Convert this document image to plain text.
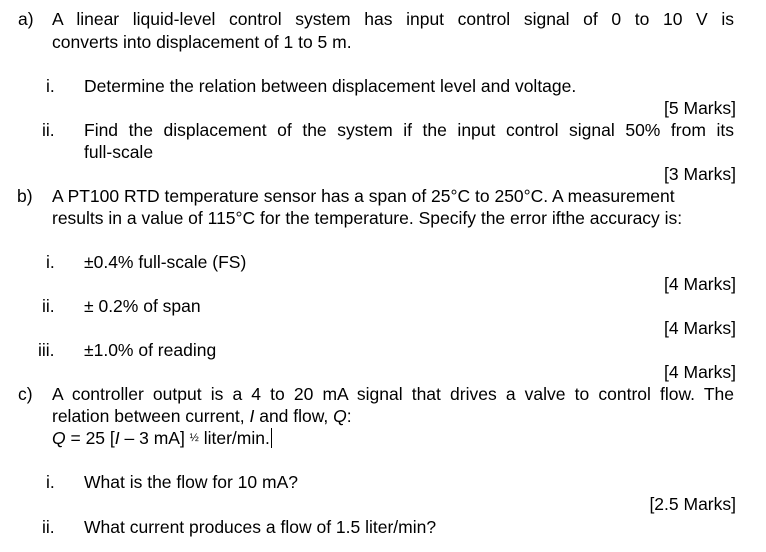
a) A linear liquid-level control system has input control signal of 0 to 10 V is
converts into displacement of 1 to 5 m.
i. Determine the relation between displacement level and voltage.
[5 Marks]
ii. Find the displacement of the system if the input control signal 50% from its
full-scale
[3 Marks]
b) A PT100 RTD temperature sensor has a span of 25°C to 250°C. A measurement
results in a value of 115°C for the temperature. Specify the error ifthe accuracy is:
i. ±0.4% full-scale (FS)
[4 Marks]
ii. ± 0.2% of span
[4 Marks]
iii. ±1.0% of reading
[4 Marks]
c) A controller output is a 4 to 20 mA signal that drives a valve to control flow. The
relation between current, I and flow, Q:
Q = 25 [I – 3 mA] ½ liter/min.
i. What is the flow for 10 mA?
[2.5 Marks]
ii. What current produces a flow of 1.5 liter/min?
